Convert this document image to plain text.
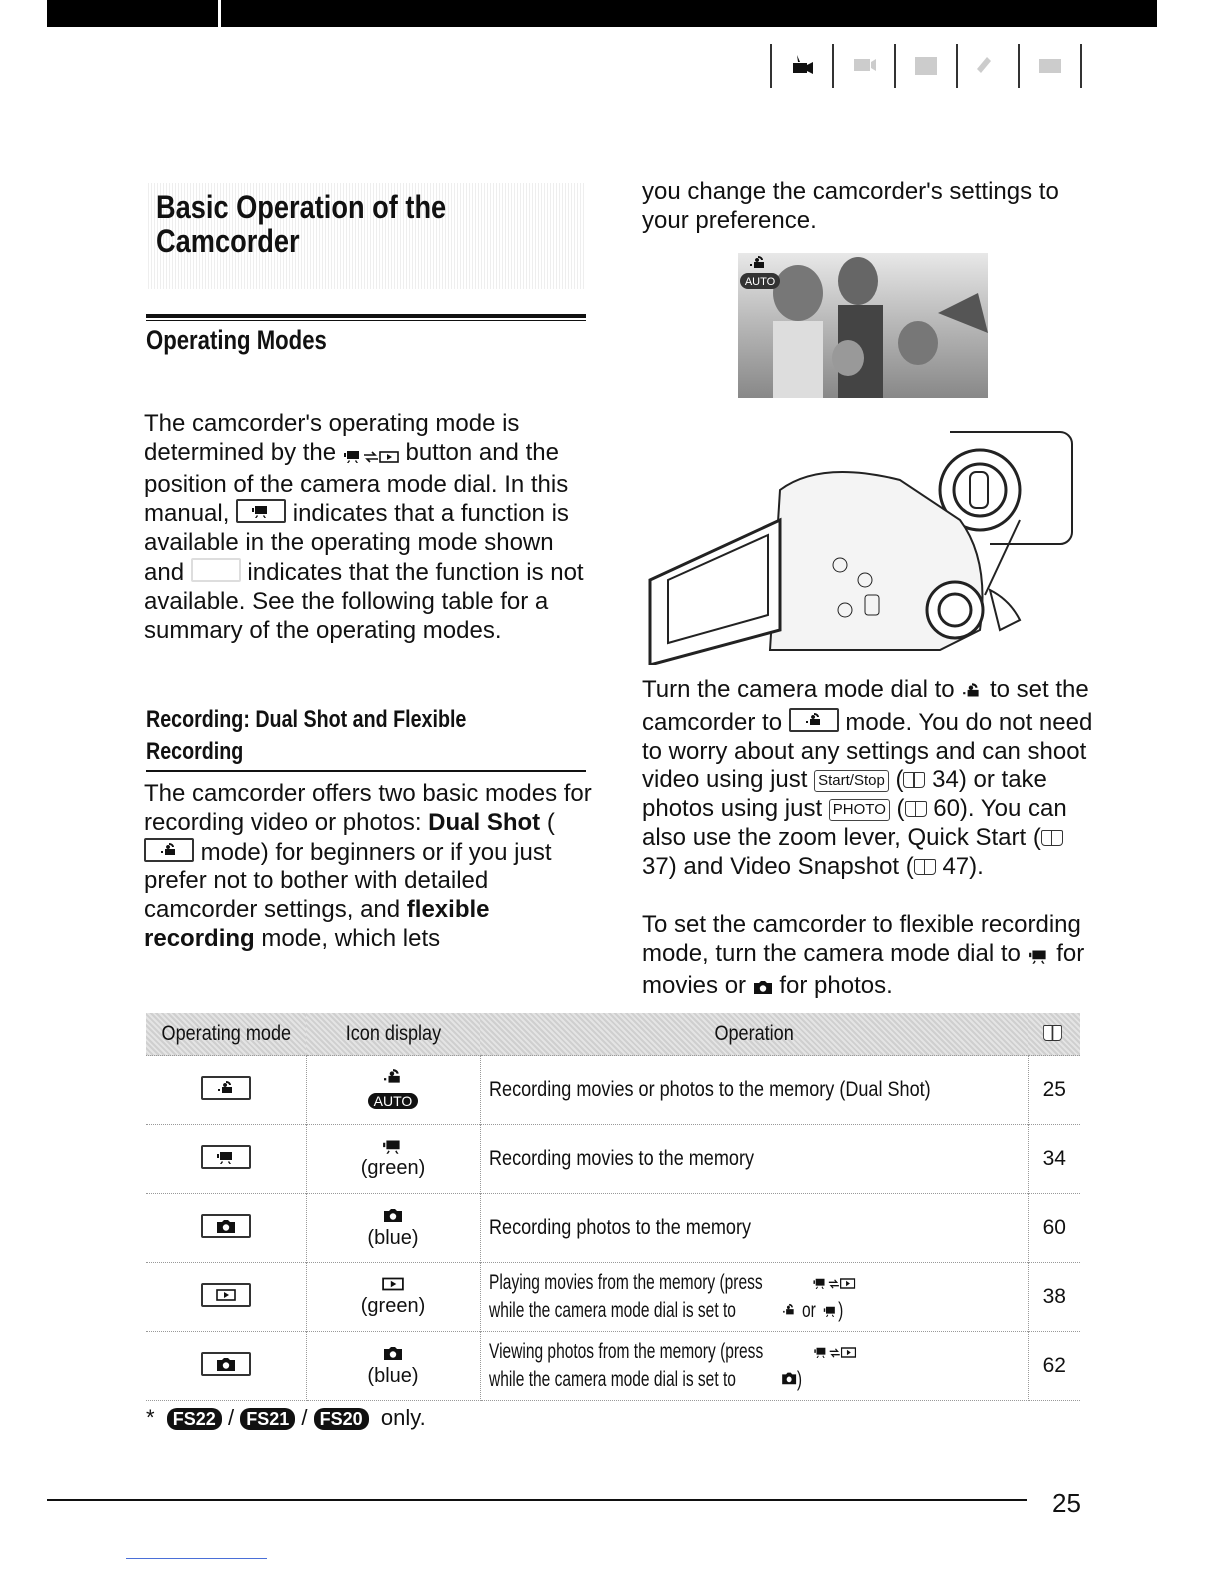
Basic Operation of the
Camcorder
Operating Modes

The camcorder's operating mode is determined by the	button and the position of the camera mode dial. In this manual,	indicates that a function is available in the operating mode shown and	indicates that the function is not available. See the following table for a summary of the operating modes.

Recording: Dual Shot and Flexible Recording

The camcorder offers two basic modes for recording video or photos: Dual Shot (
mode) for beginners or if you just prefer not to bother with detailed camcorder settings, and flexible recording mode, which lets

you change the camcorder's settings to your preference.

AUTO

Turn the camera mode dial to to set the camcorder to	mode. You do not need to worry about any settings and can shoot video using just Start/Stop ( 34) or take photos using just PHOTO ( 60). You can also use the zoom lever, Quick Start ( 37) and Video Snapshot ( 47).

To set the camcorder to flexible recording mode, turn the camera mode dial to for movies or for photos.

Operating mode	Icon display	Operation	

AUTO	Recording movies or photos to the memory (Dual Shot)	25

(green)	Recording movies to the memory	34

(blue)	Recording photos to the memory	60

(green)	Playing movies from the memory (press  while the camera mode dial is set to or )	38

(blue)	Viewing photos from the memory (press  while the camera mode dial is set to )	62
* FS22 / FS21 / FS20 only.
25
